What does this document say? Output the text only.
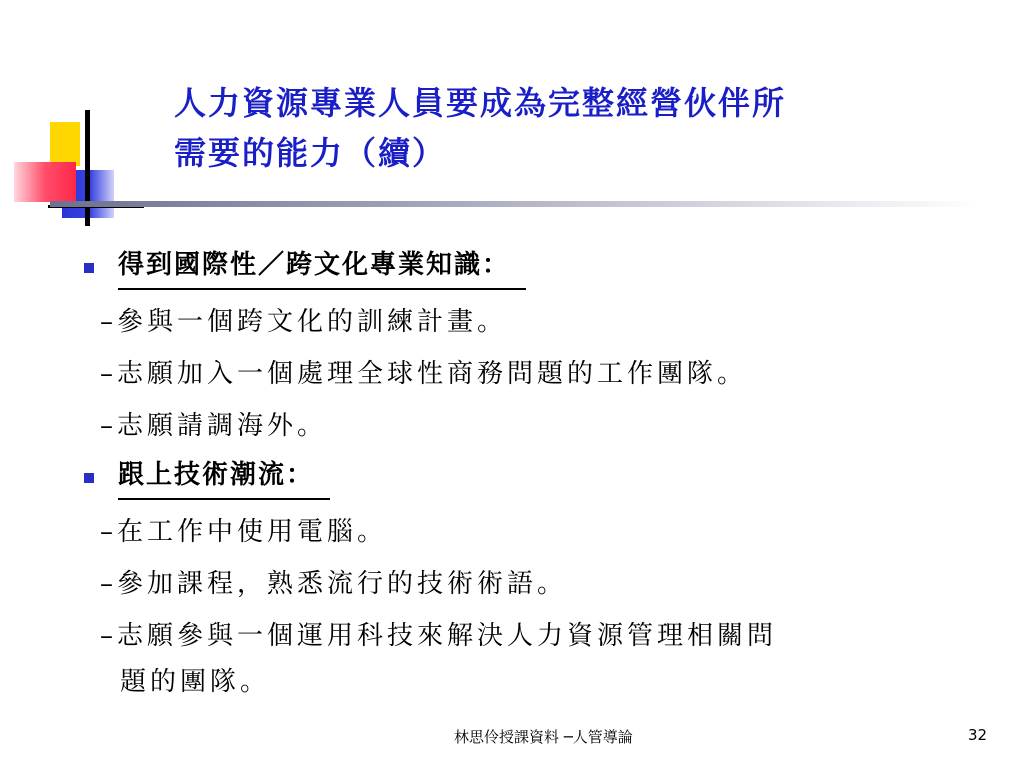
人力資源專業人員要成為完整經營伙伴所
需要的能力（續）
得到國際性／跨文化專業知識：
–參與一個跨文化的訓練計畫。
–志願加入一個處理全球性商務問題的工作團隊。
–志願請調海外。
跟上技術潮流：
–在工作中使用電腦。
–參加課程，熟悉流行的技術術語。
–志願參與一個運用科技來解決人力資源管理相關問
題的團隊。
林思伶授課資料 ─人管導論	32
